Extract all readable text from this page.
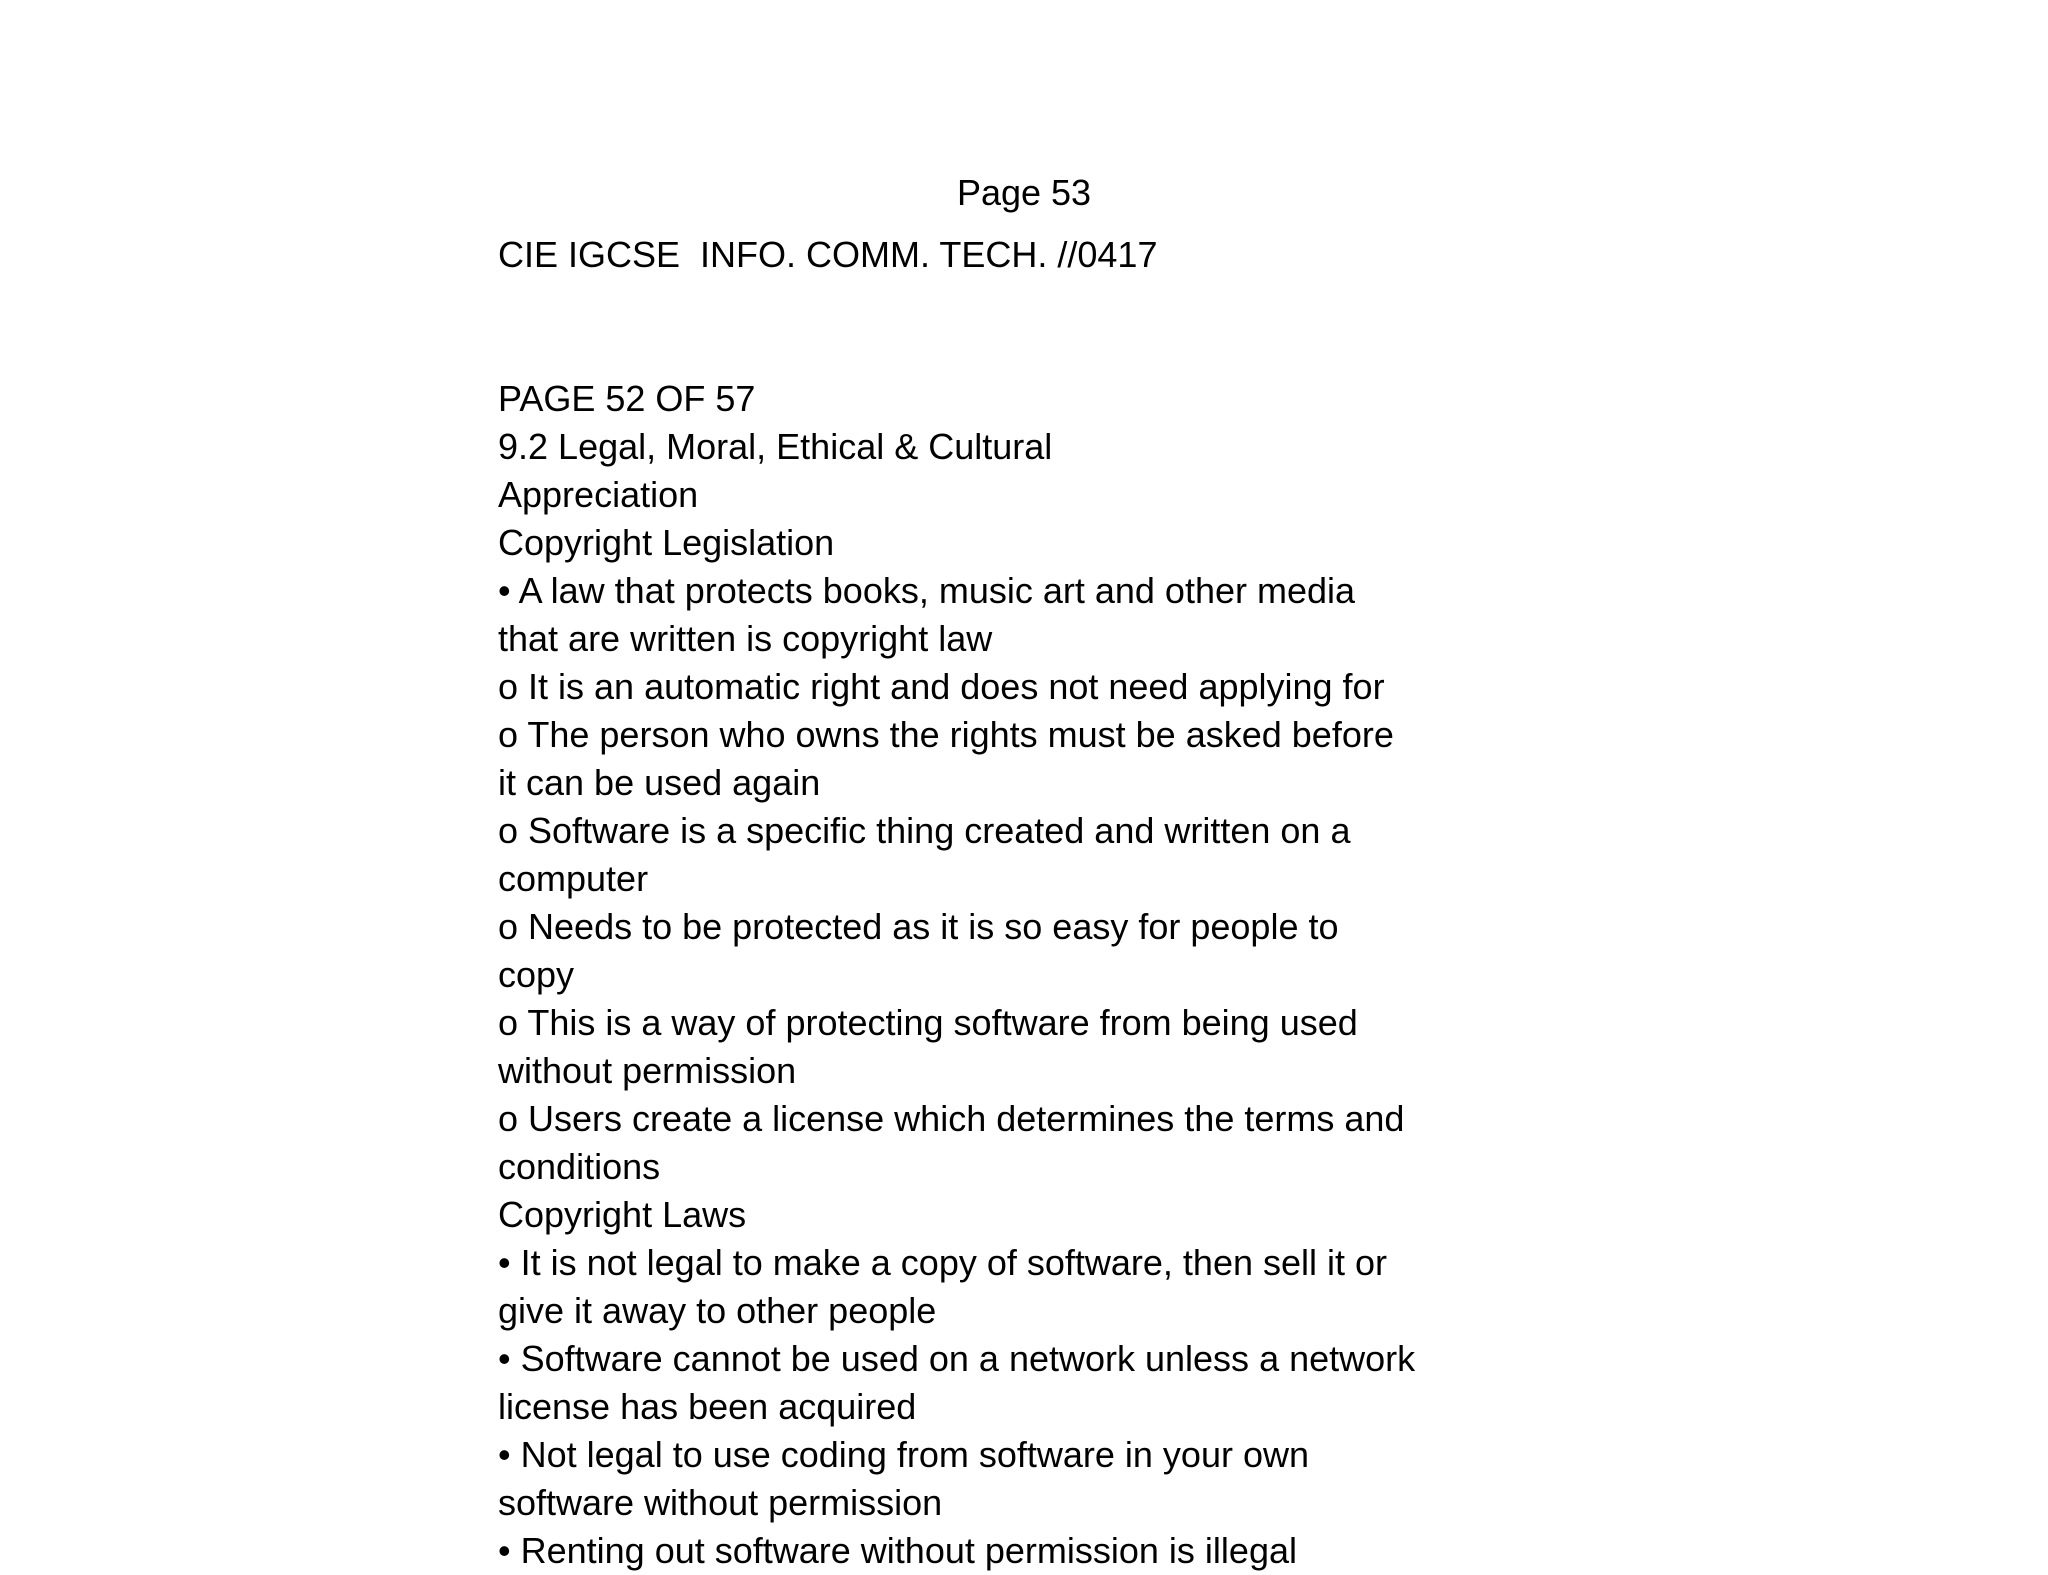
Page 53
CIE IGCSE  INFO. COMM. TECH. //0417
PAGE 52 OF 57
9.2 Legal, Moral, Ethical & Cultural
Appreciation
Copyright Legislation
• A law that protects books, music art and other media
that are written is copyright law
o It is an automatic right and does not need applying for
o The person who owns the rights must be asked before
it can be used again
o Software is a specific thing created and written on a
computer
o Needs to be protected as it is so easy for people to
copy
o This is a way of protecting software from being used
without permission
o Users create a license which determines the terms and
conditions
Copyright Laws
• It is not legal to make a copy of software, then sell it or
give it away to other people
• Software cannot be used on a network unless a network
license has been acquired
• Not legal to use coding from software in your own
software without permission
• Renting out software without permission is illegal
